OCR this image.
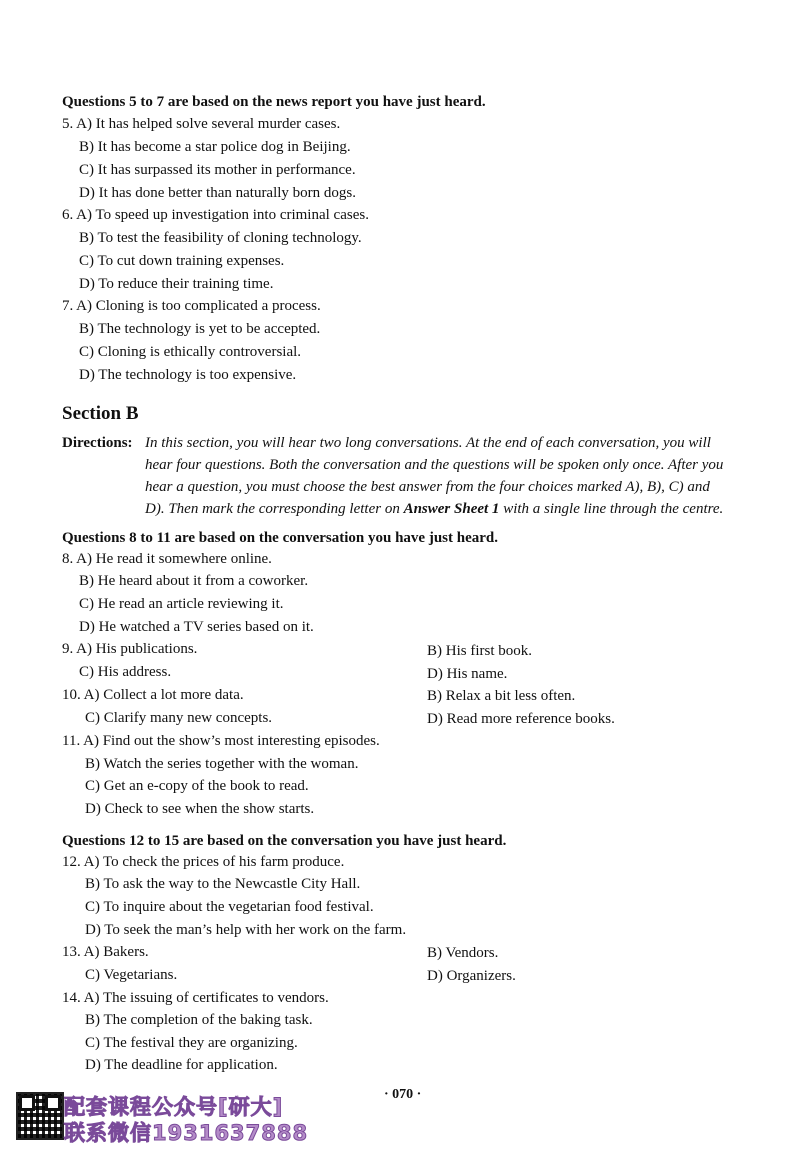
Questions 5 to 7 are based on the news report you have just heard.
5. A) It has helped solve several murder cases.
B) It has become a star police dog in Beijing.
C) It has surpassed its mother in performance.
D) It has done better than naturally born dogs.
6. A) To speed up investigation into criminal cases.
B) To test the feasibility of cloning technology.
C) To cut down training expenses.
D) To reduce their training time.
7. A) Cloning is too complicated a process.
B) The technology is yet to be accepted.
C) Cloning is ethically controversial.
D) The technology is too expensive.
Section B
Directions: In this section, you will hear two long conversations. At the end of each conversation, you will
hear four questions. Both the conversation and the questions will be spoken only once. After you
hear a question, you must choose the best answer from the four choices marked A), B), C) and
D). Then mark the corresponding letter on Answer Sheet 1 with a single line through the centre.
Questions 8 to 11 are based on the conversation you have just heard.
8. A) He read it somewhere online.
B) He heard about it from a coworker.
C) He read an article reviewing it.
D) He watched a TV series based on it.
9. A) His publications.	B) His first book.
C) His address.	D) His name.
10. A) Collect a lot more data.	B) Relax a bit less often.
C) Clarify many new concepts.	D) Read more reference books.
11. A) Find out the show’s most interesting episodes.
B) Watch the series together with the woman.
C) Get an e-copy of the book to read.
D) Check to see when the show starts.
Questions 12 to 15 are based on the conversation you have just heard.
12. A) To check the prices of his farm produce.
B) To ask the way to the Newcastle City Hall.
C) To inquire about the vegetarian food festival.
D) To seek the man’s help with her work on the farm.
13. A) Bakers.	B) Vendors.
C) Vegetarians.	D) Organizers.
14. A) The issuing of certificates to vendors.
B) The completion of the baking task.
C) The festival they are organizing.
D) The deadline for application.
· 070 ·
配套课程公众号[研大]
联系微信1931637888
